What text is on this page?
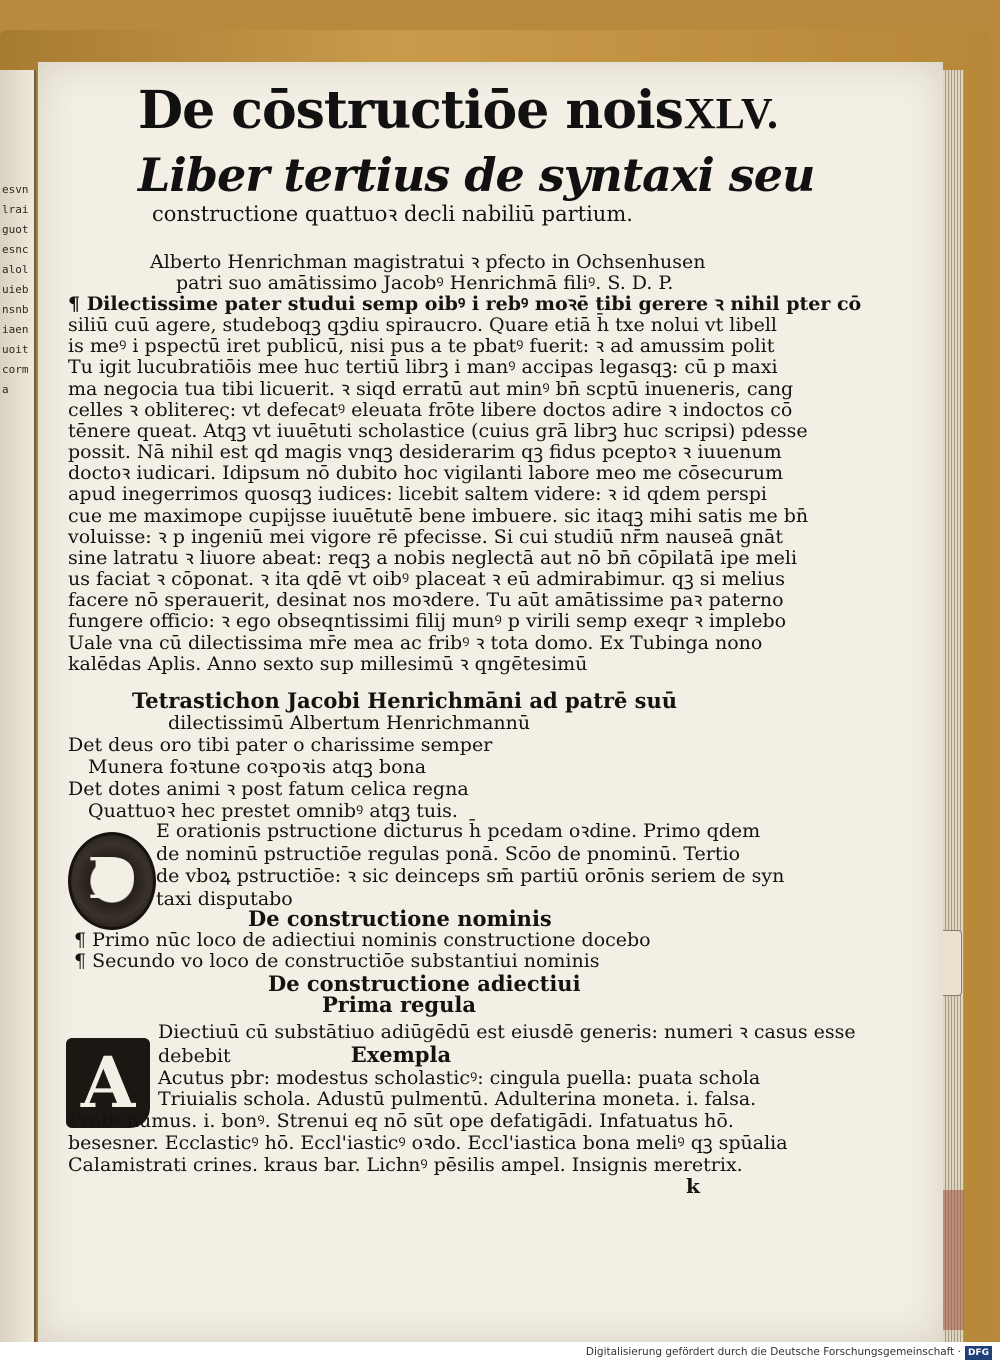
esvnlraiguotesncaloluiebnsnbiaenuoitcorma
De cōstructiōe nois XLV.
Liber tertius de syntaxi seu
constructione quattuoꝛ decli nabiliū partium.
Alberto Henrichman magistratui ꝛ pfecto in Ochsenhusen
patri suo amātissimo Jacobꝰ Henrichmā filiꝰ. S. D. P.
¶ Dilectissime pater studui semp oibꝰ i rebꝰ moꝛē tibi gerere ꝛ nihil pter cō
siliū cuū agere, studeboqꝫ qꝫdiu spiraucro. Quare etiā h̄ txe nolui vt libell
is meꝰ i pspectū iret publicū, nisi pus a te pbatꝰ fuerit: ꝛ ad amussim polit
Tu igit lucubratiōis mee huc tertiū librꝫ i manꝰ accipas legasqꝫ: cū p maxi
ma negocia tua tibi licuerit. ꝛ siqd erratū aut minꝰ bn̄ scptū inueneris, cang
celles ꝛ oblitereς: vt defecatꝰ eleuata frōte libere doctos adire ꝛ indoctos cō
tēnere queat. Atqꝫ vt iuuētuti scholastice (cuius grā librꝫ huc scripsi) pdesse
possit. Nā nihil est qd magis vnqꝫ desiderarim qꝫ fidus pceptoꝛ ꝛ iuuenum
doctoꝛ iudicari. Idipsum nō dubito hoc vigilanti labore meo me cōsecurum
apud inegerrimos quosqꝫ iudices: licebit saltem videre: ꝛ id qdem perspi
cue me maximope cupijsse iuuētutē bene imbuere. sic itaqꝫ mihi satis me bn̄
voluisse: ꝛ p ingeniū mei vigore rē pfecisse. Si cui studiū nr̄m nauseā gnāt
sine latratu ꝛ liuore abeat: reqꝫ a nobis neglectā aut nō bn̄ cōpilatā ipe meli
us faciat ꝛ cōponat. ꝛ ita qdē vt oibꝰ placeat ꝛ eū admirabimur. qꝫ si melius
facere nō sperauerit, desinat nos moꝛdere. Tu aūt amātissime paꝛ paterno
fungere officio: ꝛ ego obseqntissimi filij munꝰ p virili semp exeqr ꝛ implebo
Uale vna cū dilectissima mr̄e mea ac fribꝰ ꝛ tota domo. Ex Tubinga nono
kalēdas Aplis. Anno sexto sup millesimū ꝛ qngētesimū
Tetrastichon Jacobi Henrichmāni ad patrē suū
dilectissimū Albertum Henrichmannū
Det deus oro tibi pater o charissime semper
Munera foꝛtune coꝛpoꝛis atqꝫ bona
Det dotes animi ꝛ post fatum celica regna
Quattuoꝛ hec prestet omnibꝰ atqꝫ tuis.
D
E orationis pstructione dicturus h̄ pcedam oꝛdine. Primo qdem
de nominū pstructiōe regulas ponā. Scōo de pnominū. Tertio
de vboꝝ pstructiōe: ꝛ sic deinceps sm̄ partiū orōnis seriem de syn
taxi disputabo
De constructione nominis
¶ Primo nūc loco de adiectiui nominis constructione docebo
¶ Secundo vo loco de constructiōe substantiui nominis
De constructione adiectiui
Prima regula
A
Diectiuū cū substātiuo adiūgēdū est eiusdē generis: numeri ꝛ casus esse
debebit	Exempla
Acutus pbr: modestus scholasticꝰ: cingula puella: puata schola
Triuialis schola. Adustū pulmentū. Adulterina moneta. i. falsa.
Probꝰ nūmus. i. bonꝰ. Strenui eq nō sūt ope defatigādi. Infatuatus hō.
besesner. Ecclasticꝰ hō. Eccl'iasticꝰ oꝛdo. Eccl'iastica bona meliꝰ qꝫ spūalia
Calamistrati crines. kraus bar. Lichnꝰ pēsilis ampel. Insignis meretrix.
k
Digitalisierung gefördert durch die Deutsche Forschungsgemeinschaft · DFG
